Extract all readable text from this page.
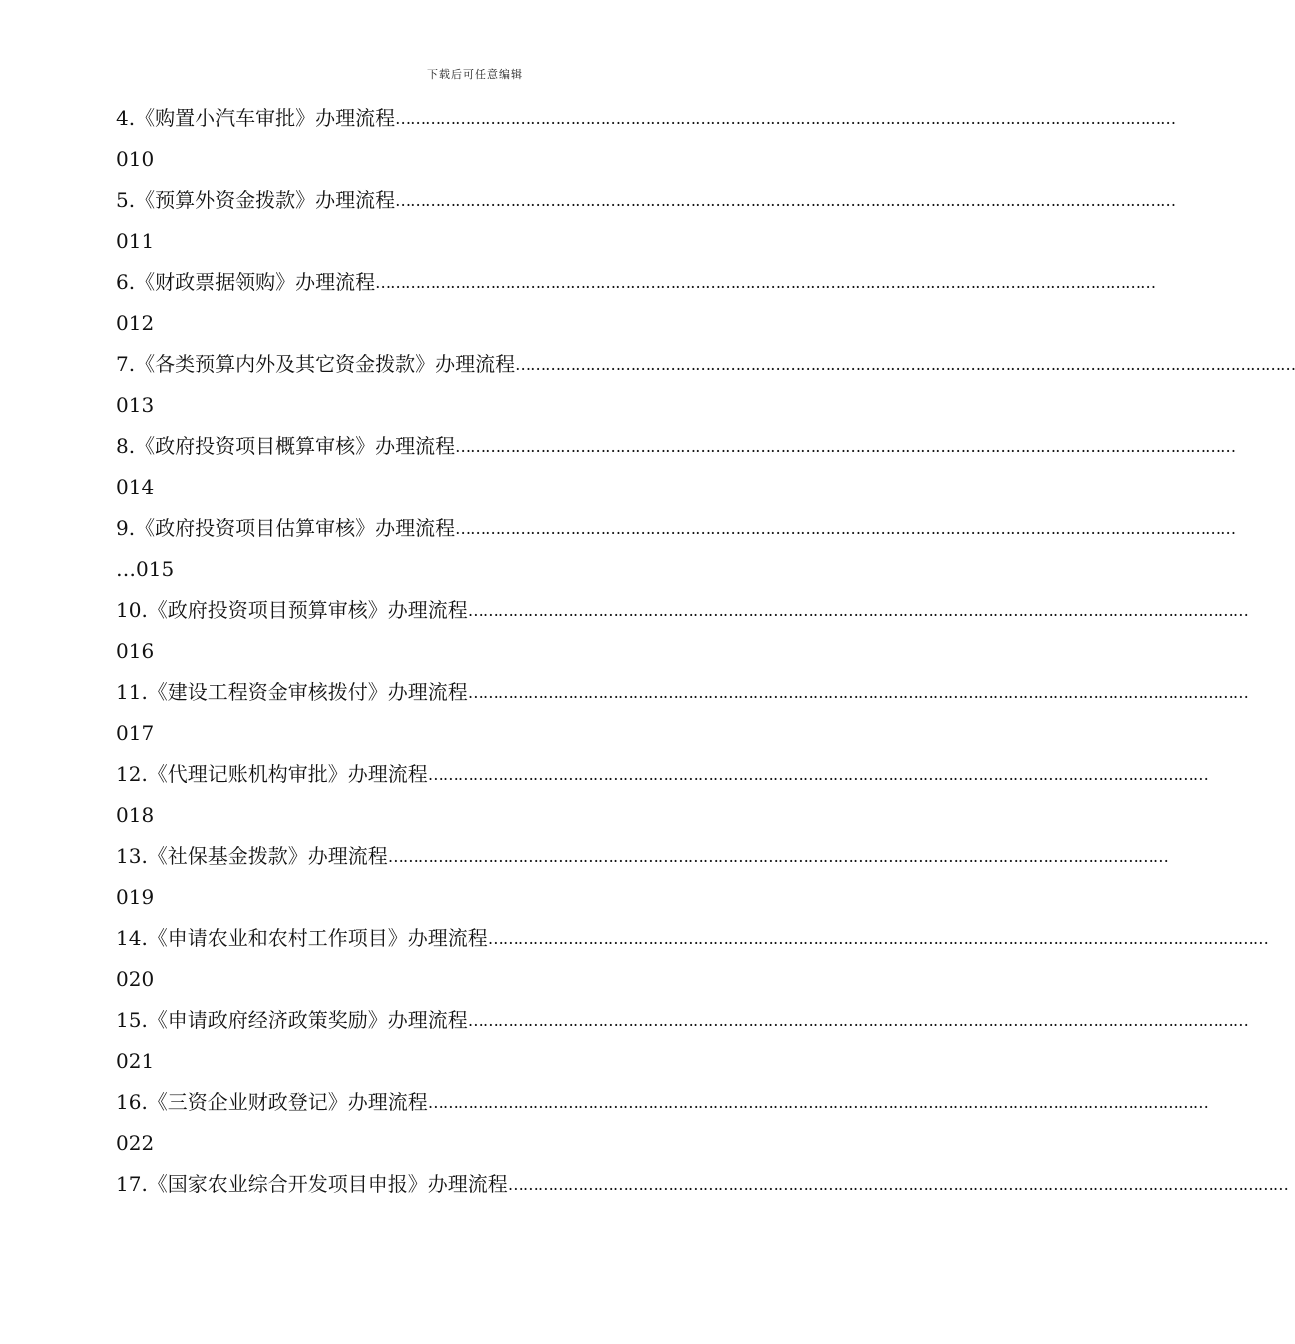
下载后可任意编辑
4.《购置小汽车审批》办理流程 …………………………………………………………………………………………………………………………………………
010
5.《预算外资金拨款》办理流程 …………………………………………………………………………………………………………………………………………
011
6.《财政票据领购》办理流程 …………………………………………………………………………………………………………………………………………
012
7.《各类预算内外及其它资金拨款》办理流程 …………………………………………………………………………………………………………………………………………
013
8.《政府投资项目概算审核》办理流程 …………………………………………………………………………………………………………………………………………
014
9.《政府投资项目估算审核》办理流程 …………………………………………………………………………………………………………………………………………
…015
10.《政府投资项目预算审核》办理流程 …………………………………………………………………………………………………………………………………………
016
11.《建设工程资金审核拨付》办理流程 …………………………………………………………………………………………………………………………………………
017
12.《代理记账机构审批》办理流程 …………………………………………………………………………………………………………………………………………
018
13.《社保基金拨款》办理流程 …………………………………………………………………………………………………………………………………………
019
14.《申请农业和农村工作项目》办理流程 …………………………………………………………………………………………………………………………………………
020
15.《申请政府经济政策奖励》办理流程 …………………………………………………………………………………………………………………………………………
021
16.《三资企业财政登记》办理流程 …………………………………………………………………………………………………………………………………………
022
17.《国家农业综合开发项目申报》办理流程 …………………………………………………………………………………………………………………………………………
